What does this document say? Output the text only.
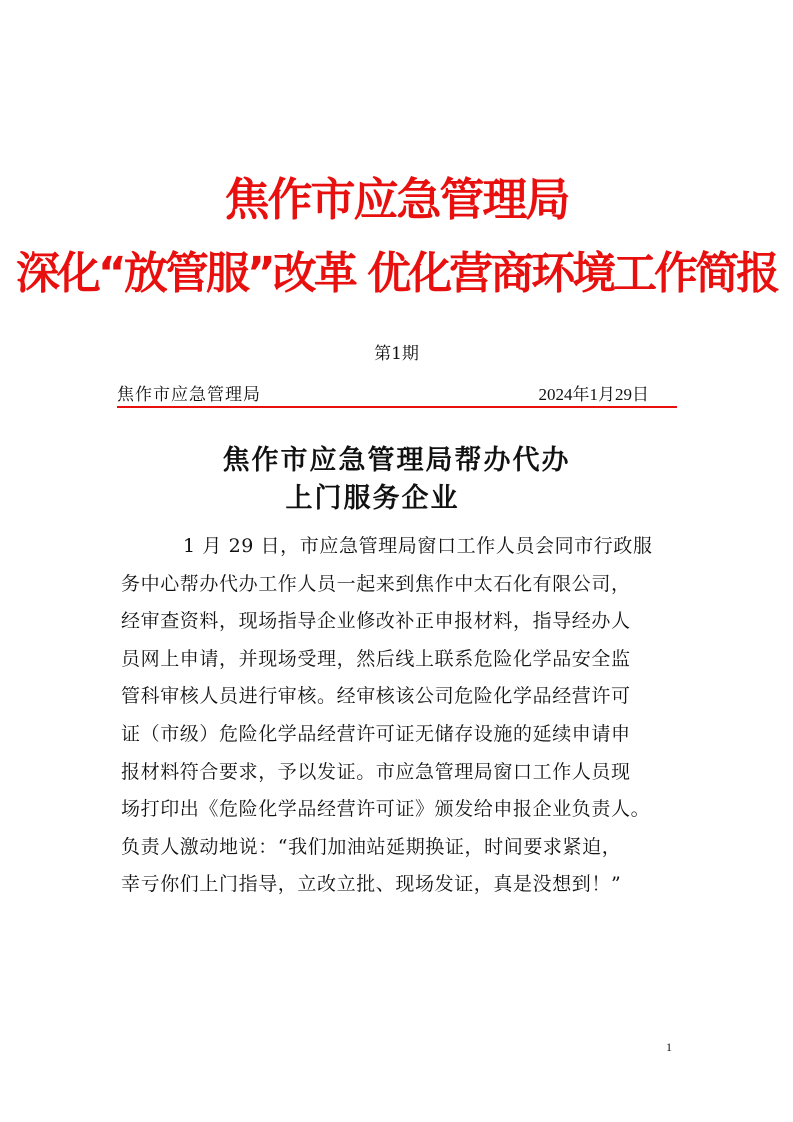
焦作市应急管理局
深化“放管服”改革 优化营商环境工作简报
第1期
焦作市应急管理局	2024年1月29日
焦作市应急管理局帮办代办
上门服务企业
1 月 29 日，市应急管理局窗口工作人员会同市行政服
务中心帮办代办工作人员一起来到焦作中太石化有限公司，
经审查资料，现场指导企业修改补正申报材料，指导经办人
员网上申请，并现场受理，然后线上联系危险化学品安全监
管科审核人员进行审核。经审核该公司危险化学品经营许可
证（市级）危险化学品经营许可证无储存设施的延续申请申
报材料符合要求，予以发证。市应急管理局窗口工作人员现
场打印出《危险化学品经营许可证》颁发给申报企业负责人。
负责人激动地说：“我们加油站延期换证，时间要求紧迫，
幸亏你们上门指导，立改立批、现场发证，真是没想到！”
1
